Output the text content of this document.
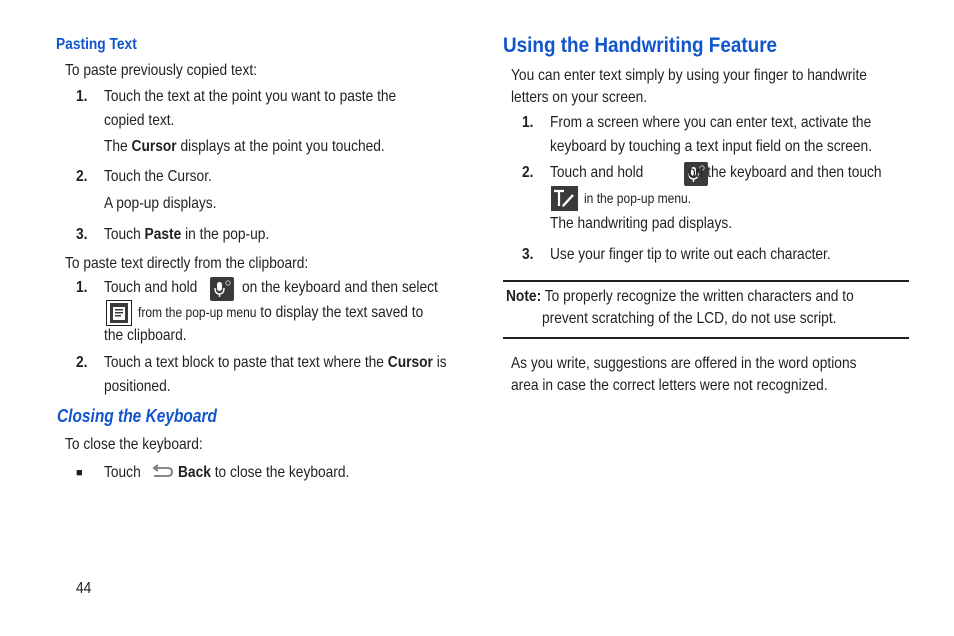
Pasting Text
To paste previously copied text:
1. Touch the text at the point you want to paste the
copied text.
The Cursor displays at the point you touched.
2. Touch the Cursor.
A pop-up displays.
3. Touch Paste in the pop-up.
To paste text directly from the clipboard:
1. Touch and hold
	on the keyboard and then select
from the pop-up menu to display the text saved to
the clipboard.
2. Touch a text block to paste that text where the Cursor is
positioned.
Closing the Keyboard
To close the keyboard:
■ Touch	Back to close the keyboard.
Using the Handwriting Feature
You can enter text simply by using your finger to handwrite
letters on your screen.
1. From a screen where you can enter text, activate the
keyboard by touching a text input field on the screen.
2. Touch and hold	on the keyboard and then touch
in the pop-up menu.
The handwriting pad displays.
3. Use your finger tip to write out each character.
Note: To properly recognize the written characters and to
prevent scratching of the LCD, do not use script.
As you write, suggestions are offered in the word options
area in case the correct letters were not recognized.
44
